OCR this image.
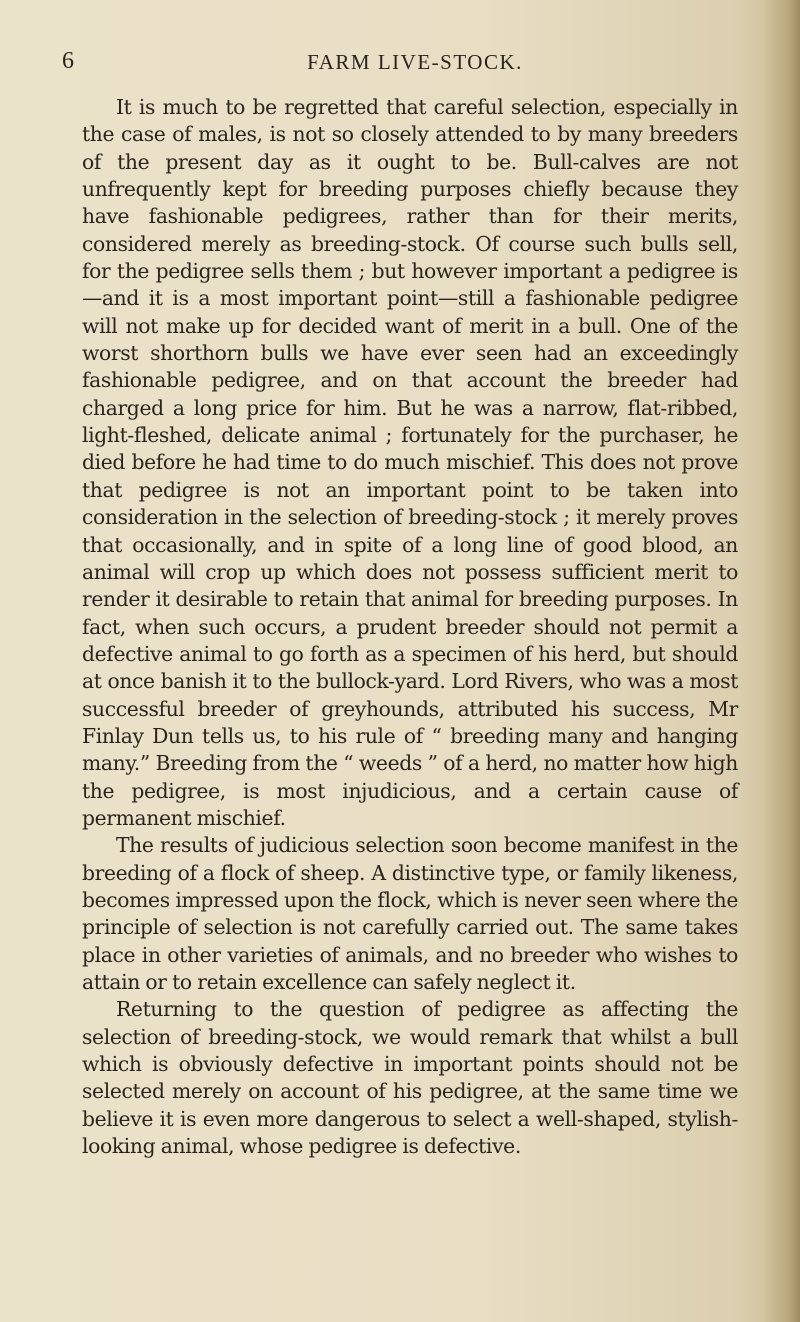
6	FARM LIVE-STOCK.

It is much to be regretted that careful selection, especially in the case of males, is not so closely attended to by many breeders of the present day as it ought to be. Bull-calves are not unfrequently kept for breeding purposes chiefly because they have fashionable pedigrees, rather than for their merits, considered merely as breeding-stock. Of course such bulls sell, for the pedigree sells them ; but however important a pedigree is—and it is a most important point—still a fashionable pedigree will not make up for decided want of merit in a bull. One of the worst shorthorn bulls we have ever seen had an exceedingly fashionable pedigree, and on that account the breeder had charged a long price for him. But he was a narrow, flat-ribbed, light-fleshed, delicate animal ; fortunately for the purchaser, he died before he had time to do much mischief. This does not prove that pedigree is not an important point to be taken into consideration in the selection of breeding-stock ; it merely proves that occasionally, and in spite of a long line of good blood, an animal will crop up which does not possess sufficient merit to render it desirable to retain that animal for breeding purposes. In fact, when such occurs, a prudent breeder should not permit a defective animal to go forth as a specimen of his herd, but should at once banish it to the bullock-yard. Lord Rivers, who was a most successful breeder of greyhounds, attributed his success, Mr Finlay Dun tells us, to his rule of “ breeding many and hanging many.” Breeding from the “ weeds ” of a herd, no matter how high the pedigree, is most injudicious, and a certain cause of permanent mischief.

The results of judicious selection soon become manifest in the breeding of a flock of sheep. A distinctive type, or family likeness, becomes impressed upon the flock, which is never seen where the principle of selection is not carefully carried out. The same takes place in other varieties of animals, and no breeder who wishes to attain or to retain excellence can safely neglect it.

Returning to the question of pedigree as affecting the selection of breeding-stock, we would remark that whilst a bull which is obviously defective in important points should not be selected merely on account of his pedigree, at the same time we believe it is even more dangerous to select a well-shaped, stylish-looking animal, whose pedigree is defective.
